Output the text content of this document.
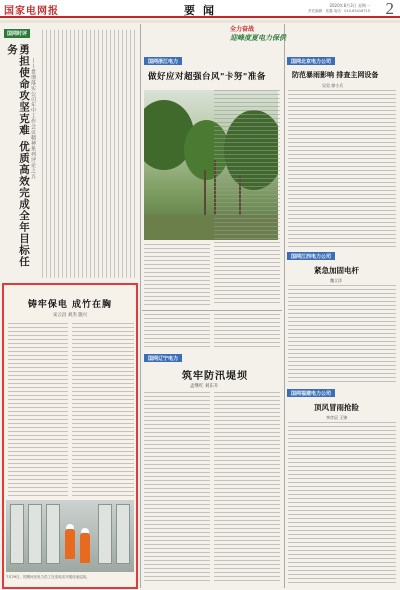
国家电网报	要闻	2020年8月3日 星期一
责任编辑：张鑫 电话：010-63416715 2
国网时评
勇担使命攻坚克难 优质高效完成全年目标任务
——贯彻落实公司年中工作会议精神系列评论之五
铸牢保电 成竹在胸
宋云昌 刘杰 施兴
7月29日，国网河北电力员工在变电站开展设备巡视。
全力奋战
迎峰度夏电力保供
国网浙江电力
做好应对超强台风"卡努"准备
国网辽宁电力
筑牢防汛堤坝
孟继红 刘东升
国网北京电力公司
防范暴雨影响 排查主网设备
吴昊 徐小兵
国网江西电力公司
紧急加固电杆
魏立洋
国网福建电力公司
顶风冒雨抢险
李彦辰 王锦
